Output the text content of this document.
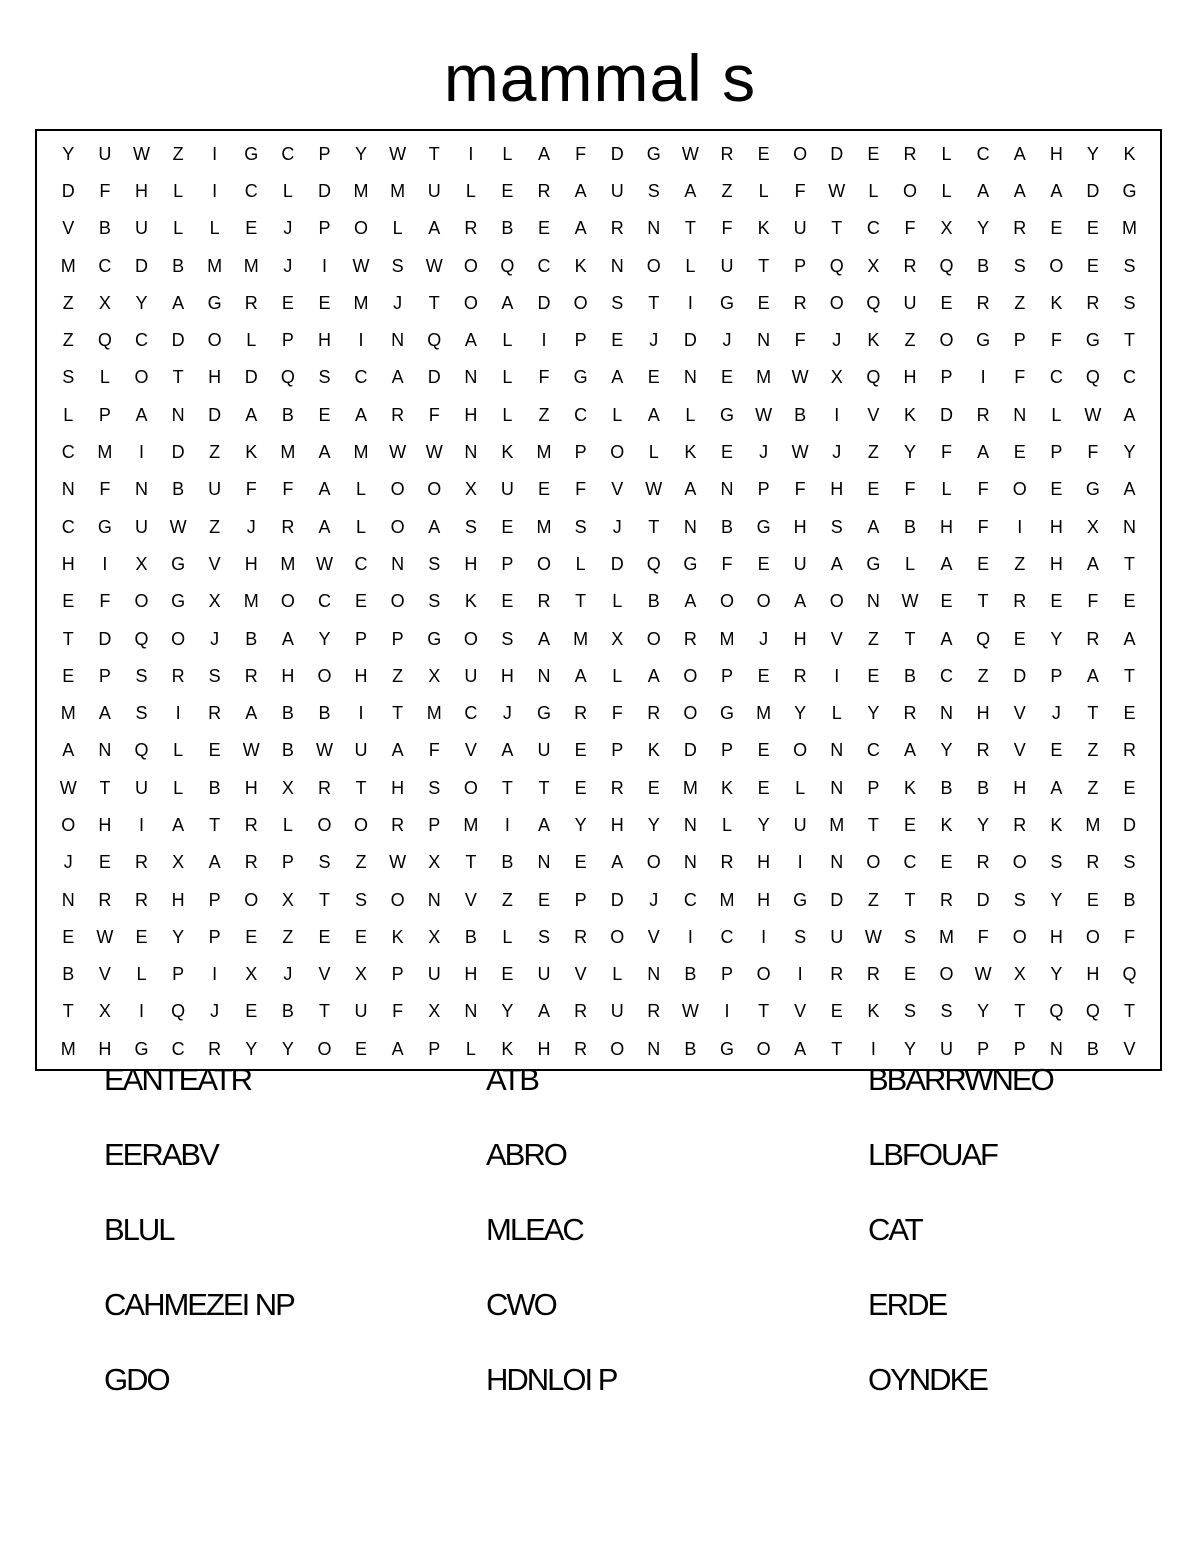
mammal s
Y	U	W	Z	I	G	C	P	Y	W	T	I	L	A	F	D	G	W	R	E	O	D	E	R	L	C	A	H	Y	K
D	F	H	L	I	C	L	D	M	M	U	L	E	R	A	U	S	A	Z	L	F	W	L	O	L	A	A	A	D	G
V	B	U	L	L	E	J	P	O	L	A	R	B	E	A	R	N	T	F	K	U	T	C	F	X	Y	R	E	E	M
M	C	D	B	M	M	J	I	W	S	W	O	Q	C	K	N	O	L	U	T	P	Q	X	R	Q	B	S	O	E	S
Z	X	Y	A	G	R	E	E	M	J	T	O	A	D	O	S	T	I	G	E	R	O	Q	U	E	R	Z	K	R	S
Z	Q	C	D	O	L	P	H	I	N	Q	A	L	I	P	E	J	D	J	N	F	J	K	Z	O	G	P	F	G	T
S	L	O	T	H	D	Q	S	C	A	D	N	L	F	G	A	E	N	E	M	W	X	Q	H	P	I	F	C	Q	C
L	P	A	N	D	A	B	E	A	R	F	H	L	Z	C	L	A	L	G	W	B	I	V	K	D	R	N	L	W	A
C	M	I	D	Z	K	M	A	M	W	W	N	K	M	P	O	L	K	E	J	W	J	Z	Y	F	A	E	P	F	Y
N	F	N	B	U	F	F	A	L	O	O	X	U	E	F	V	W	A	N	P	F	H	E	F	L	F	O	E	G	A
C	G	U	W	Z	J	R	A	L	O	A	S	E	M	S	J	T	N	B	G	H	S	A	B	H	F	I	H	X	N
H	I	X	G	V	H	M	W	C	N	S	H	P	O	L	D	Q	G	F	E	U	A	G	L	A	E	Z	H	A	T
E	F	O	G	X	M	O	C	E	O	S	K	E	R	T	L	B	A	O	O	A	O	N	W	E	T	R	E	F	E
T	D	Q	O	J	B	A	Y	P	P	G	O	S	A	M	X	O	R	M	J	H	V	Z	T	A	Q	E	Y	R	A
E	P	S	R	S	R	H	O	H	Z	X	U	H	N	A	L	A	O	P	E	R	I	E	B	C	Z	D	P	A	T
M	A	S	I	R	A	B	B	I	T	M	C	J	G	R	F	R	O	G	M	Y	L	Y	R	N	H	V	J	T	E
A	N	Q	L	E	W	B	W	U	A	F	V	A	U	E	P	K	D	P	E	O	N	C	A	Y	R	V	E	Z	R
W	T	U	L	B	H	X	R	T	H	S	O	T	T	E	R	E	M	K	E	L	N	P	K	B	B	H	A	Z	E
O	H	I	A	T	R	L	O	O	R	P	M	I	A	Y	H	Y	N	L	Y	U	M	T	E	K	Y	R	K	M	D
J	E	R	X	A	R	P	S	Z	W	X	T	B	N	E	A	O	N	R	H	I	N	O	C	E	R	O	S	R	S
N	R	R	H	P	O	X	T	S	O	N	V	Z	E	P	D	J	C	M	H	G	D	Z	T	R	D	S	Y	E	B
E	W	E	Y	P	E	Z	E	E	K	X	B	L	S	R	O	V	I	C	I	S	U	W	S	M	F	O	H	O	F
B	V	L	P	I	X	J	V	X	P	U	H	E	U	V	L	N	B	P	O	I	R	R	E	O	W	X	Y	H	Q
T	X	I	Q	J	E	B	T	U	F	X	N	Y	A	R	U	R	W	I	T	V	E	K	S	S	Y	T	Q	Q	T
M	H	G	C	R	Y	Y	O	E	A	P	L	K	H	R	O	N	B	G	O	A	T	I	Y	U	P	P	N	B	V
EANTEATR	ATB	BBARRWNEO
EERABV	ABRO	LBFOUAF
BLUL	MLEAC	CAT
CAHMEZEI NP	CWO	ERDE
GDO	HDNLOI P	OYNDKE
